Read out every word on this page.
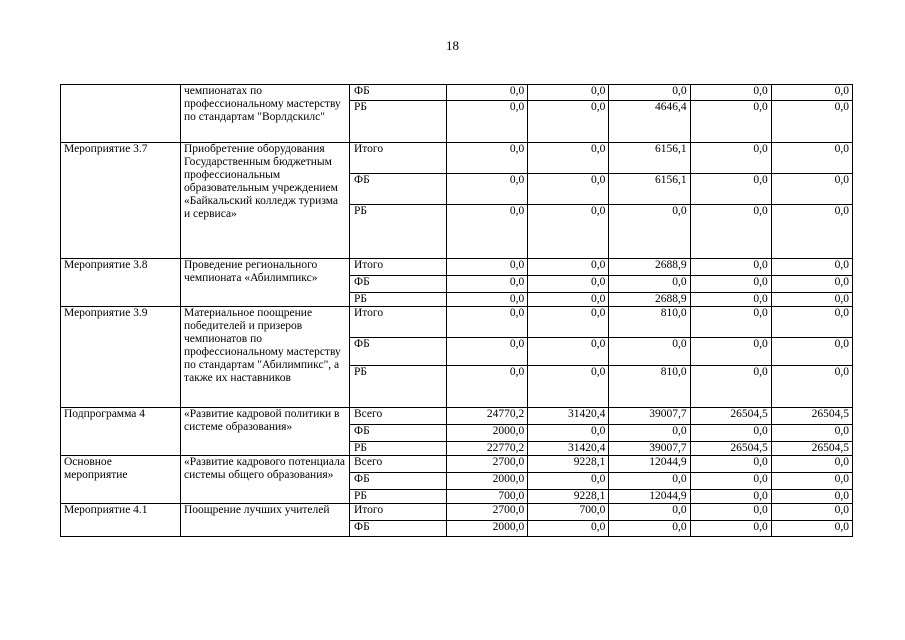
18
	чемпионатах по профессиональному мастерству по стандартам "Ворлдскилс"	ФБ	0,0	0,0	0,0	0,0	0,0
		РБ	0,0	0,0	4646,4	0,0	0,0
Мероприятие 3.7	Приобретение оборудования Государственным бюджетным профессиональным образовательным учреждением «Байкальский колледж туризма и сервиса»	Итого	0,0	0,0	6156,1	0,0	0,0
		ФБ	0,0	0,0	6156,1	0,0	0,0
		РБ	0,0	0,0	0,0	0,0	0,0
Мероприятие 3.8	Проведение регионального чемпионата «Абилимпикс»	Итого	0,0	0,0	2688,9	0,0	0,0
		ФБ	0,0	0,0	0,0	0,0	0,0
		РБ	0,0	0,0	2688,9	0,0	0,0
Мероприятие 3.9	Материальное поощрение победителей и призеров чемпионатов по профессиональному мастерству по стандартам "Абилимпикс", а также их наставников	Итого	0,0	0,0	810,0	0,0	0,0
		ФБ	0,0	0,0	0,0	0,0	0,0
		РБ	0,0	0,0	810,0	0,0	0,0
Подпрограмма 4	«Развитие кадровой политики в системе образования»	Всего	24770,2	31420,4	39007,7	26504,5	26504,5
		ФБ	2000,0	0,0	0,0	0,0	0,0
		РБ	22770,2	31420,4	39007,7	26504,5	26504,5
Основное мероприятие	«Развитие кадрового потенциала системы общего образования»	Всего	2700,0	9228,1	12044,9	0,0	0,0
		ФБ	2000,0	0,0	0,0	0,0	0,0
		РБ	700,0	9228,1	12044,9	0,0	0,0
Мероприятие 4.1	Поощрение лучших учителей	Итого	2700,0	700,0	0,0	0,0	0,0
		ФБ	2000,0	0,0	0,0	0,0	0,0
